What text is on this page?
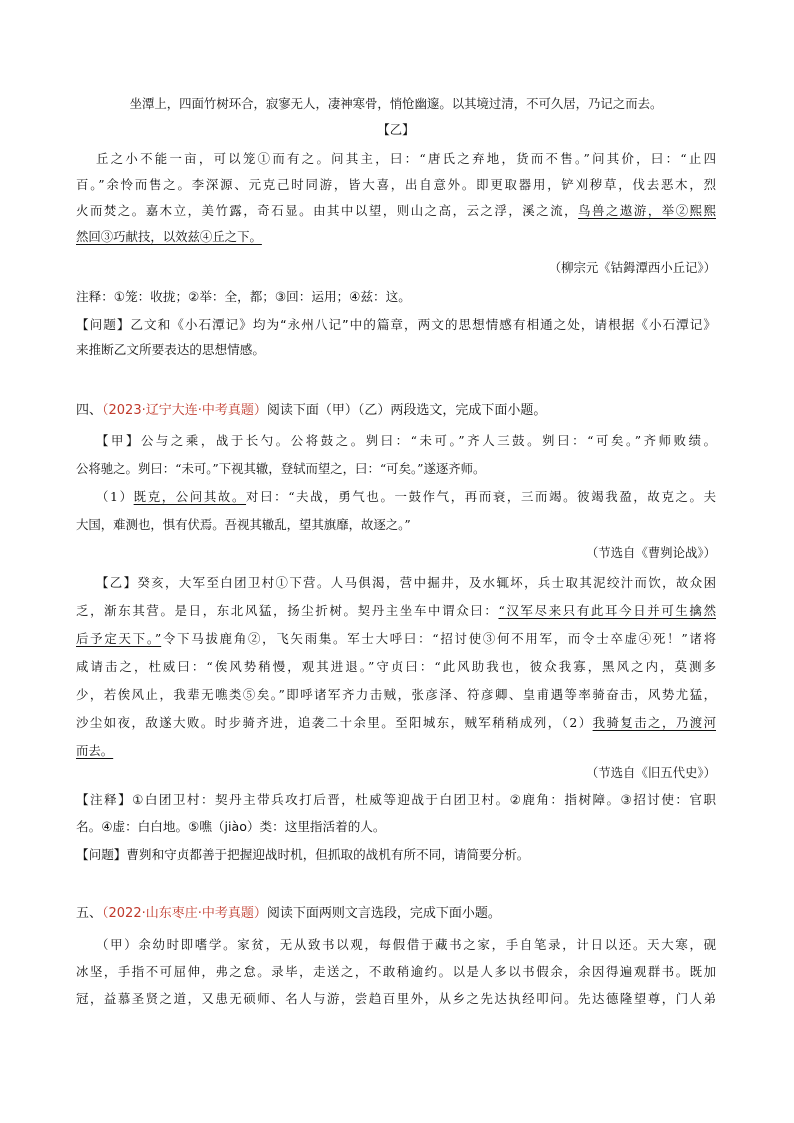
坐潭上，四面竹树环合，寂寥无人，凄神寒骨，悄怆幽邃。以其境过清，不可久居，乃记之而去。
【乙】
丘之小不能一亩，可以笼①而有之。问其主，曰：“唐氏之弃地，货而不售。”问其价，曰：“止四
百。”余怜而售之。李深源、元克己时同游，皆大喜，出自意外。即更取器用，铲刈秽草，伐去恶木，烈
火而焚之。嘉木立，美竹露，奇石显。由其中以望，则山之高，云之浮，溪之流，鸟兽之遨游，举②熙熙
然回③巧献技，以效兹④丘之下。
（柳宗元《钴鉧潭西小丘记》）
注释：①笼：收拢；②举：全，都；③回：运用；④兹：这。
【问题】乙文和《小石潭记》均为“永州八记”中的篇章，两文的思想情感有相通之处，请根据《小石潭记》
来推断乙文所要表达的思想情感。
四、（2023·辽宁大连·中考真题）阅读下面（甲）（乙）两段选文，完成下面小题。
【甲】公与之乘，战于长勺。公将鼓之。刿曰：“未可。”齐人三鼓。刿曰：“可矣。”齐师败绩。
公将驰之。刿曰：“未可。”下视其辙，登轼而望之，曰：“可矣。”遂逐齐师。
（1）既克，公问其故。对曰：“夫战，勇气也。一鼓作气，再而衰，三而竭。彼竭我盈，故克之。夫
大国，难测也，惧有伏焉。吾视其辙乱，望其旗靡，故逐之。”
（节选自《曹刿论战》）
【乙】癸亥，大军至白团卫村①下营。人马俱渴，营中掘井，及水辄坏，兵士取其泥绞汁而饮，故众困
乏，渐东其营。是日，东北风猛，扬尘折树。契丹主坐车中谓众曰：“汉军尽来只有此耳今日并可生擒然
后予定天下。”令下马拔鹿角②，飞矢雨集。军士大呼曰：“招讨使③何不用军，而令士卒虚④死！”诸将
咸请击之，杜威曰：“俟风势稍慢，观其进退。”守贞曰：“此风助我也，彼众我寡，黑风之内，莫测多
少，若俟风止，我辈无噍类⑤矣。”即呼诸军齐力击贼，张彦泽、符彦卿、皇甫遇等率骑奋击，风势尤猛，
沙尘如夜，敌遂大败。时步骑齐进，追袭二十余里。至阳城东，贼军稍稍成列，（2）我骑复击之，乃渡河
而去。
（节选自《旧五代史》）
【注释】①白团卫村：契丹主带兵攻打后晋，杜威等迎战于白团卫村。②鹿角：指树障。③招讨使：官职
名。④虚：白白地。⑤噍（jiào）类：这里指活着的人。
【问题】曹刿和守贞都善于把握迎战时机，但抓取的战机有所不同，请简要分析。
五、（2022·山东枣庄·中考真题）阅读下面两则文言选段，完成下面小题。
（甲）余幼时即嗜学。家贫，无从致书以观，每假借于藏书之家，手自笔录，计日以还。天大寒，砚
冰坚，手指不可屈伸，弗之怠。录毕，走送之，不敢稍逾约。以是人多以书假余，余因得遍观群书。既加
冠，益慕圣贤之道，又患无硕师、名人与游，尝趋百里外，从乡之先达执经叩问。先达德隆望尊，门人弟
